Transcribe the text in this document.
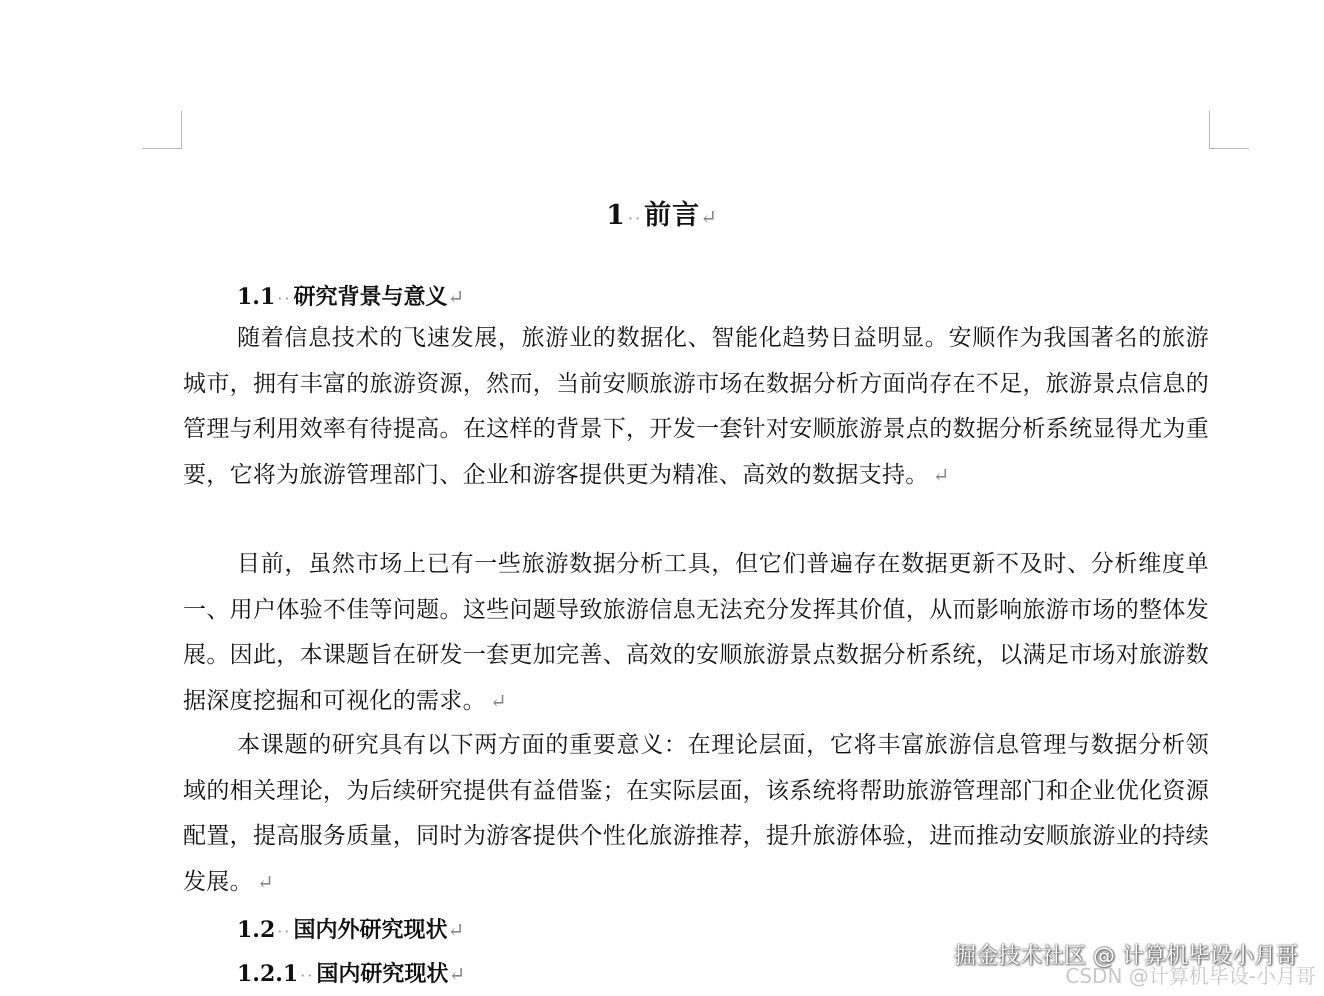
1 ··前言↵
1.1 ··研究背景与意义↵
随着信息技术的飞速发展，旅游业的数据化、智能化趋势日益明显。安顺作为我国著名的旅游城市，拥有丰富的旅游资源，然而，当前安顺旅游市场在数据分析方面尚存在不足，旅游景点信息的管理与利用效率有待提高。在这样的背景下，开发一套针对安顺旅游景点的数据分析系统显得尤为重要，它将为旅游管理部门、企业和游客提供更为精准、高效的数据支持。 ↵
目前，虽然市场上已有一些旅游数据分析工具，但它们普遍存在数据更新不及时、分析维度单一、用户体验不佳等问题。这些问题导致旅游信息无法充分发挥其价值，从而影响旅游市场的整体发展。因此，本课题旨在研发一套更加完善、高效的安顺旅游景点数据分析系统，以满足市场对旅游数据深度挖掘和可视化的需求。 ↵
本课题的研究具有以下两方面的重要意义：在理论层面，它将丰富旅游信息管理与数据分析领域的相关理论，为后续研究提供有益借鉴；在实际层面，该系统将帮助旅游管理部门和企业优化资源配置，提高服务质量，同时为游客提供个性化旅游推荐，提升旅游体验，进而推动安顺旅游业的持续发展。 ↵
1.2 ··国内外研究现状↵
1.2.1 ··国内研究现状↵
掘金技术社区 @ 计算机毕设小月哥
CSDN @计算机毕设-小月哥
